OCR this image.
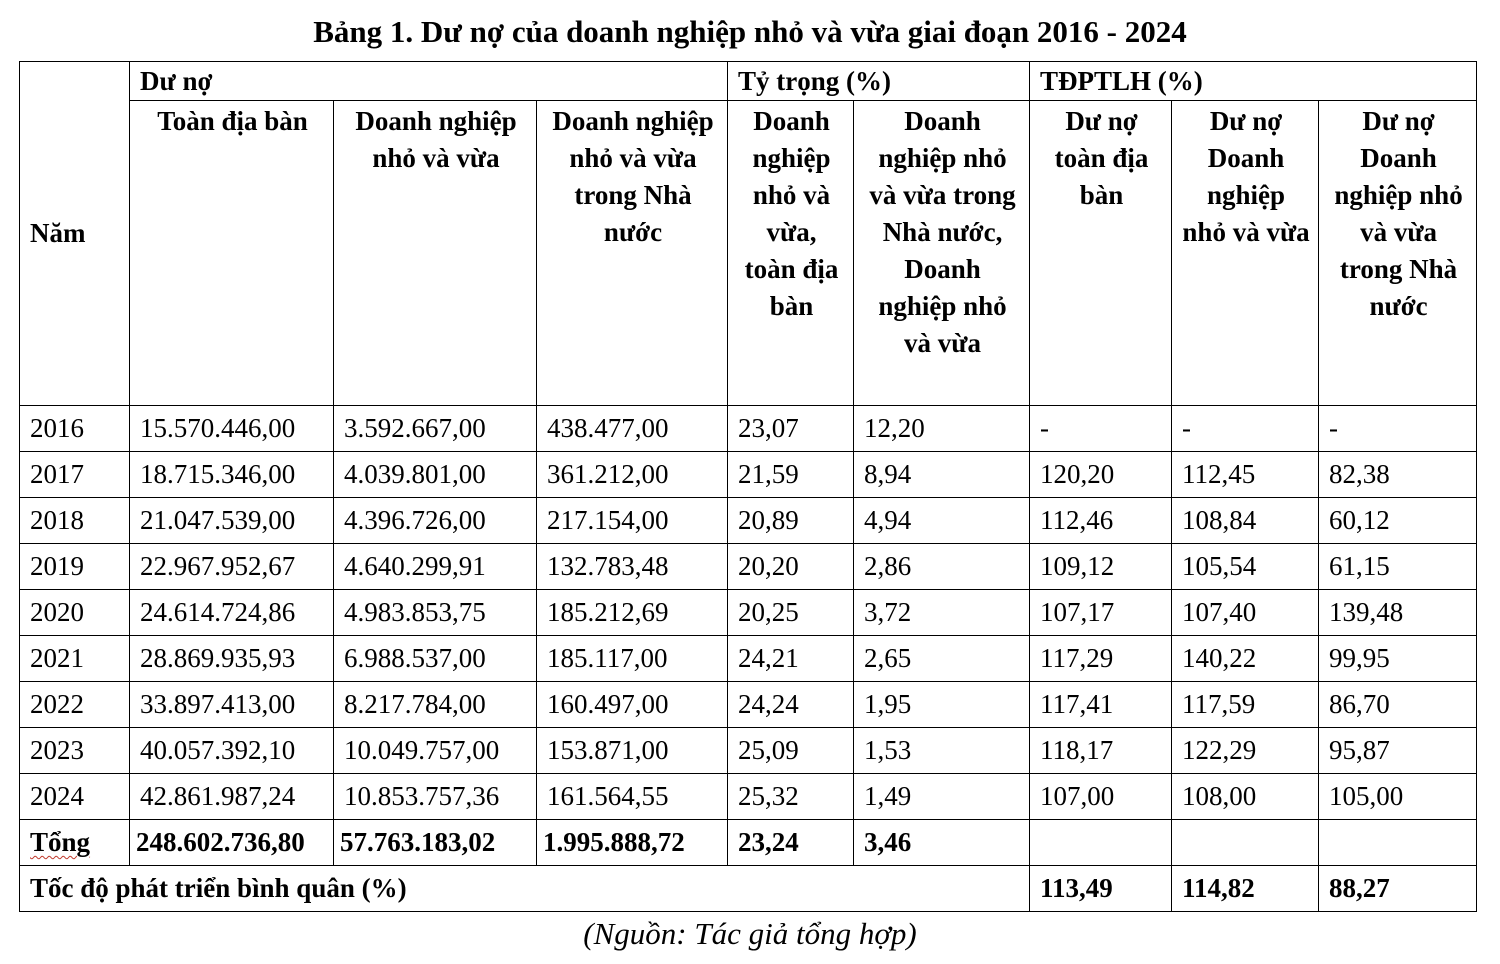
Bảng 1. Dư nợ của doanh nghiệp nhỏ và vừa giai đoạn 2016 - 2024
Năm	Dư nợ			Tỷ trọng (%)		TĐPTLH (%)		
	Toàn địa bàn	Doanh nghiệp nhỏ và vừa	Doanh nghiệp nhỏ và vừa trong Nhà nước	Doanh nghiệp nhỏ và vừa, toàn địa bàn	Doanh nghiệp nhỏ và vừa trong Nhà nước, Doanh nghiệp nhỏ và vừa	Dư nợ toàn địa bàn	Dư nợ Doanh nghiệp nhỏ và vừa	Dư nợ Doanh nghiệp nhỏ và vừa trong Nhà nước
2016	15.570.446,00	3.592.667,00	438.477,00	23,07	12,20	-	-	-
2017	18.715.346,00	4.039.801,00	361.212,00	21,59	8,94	120,20	112,45	82,38
2018	21.047.539,00	4.396.726,00	217.154,00	20,89	4,94	112,46	108,84	60,12
2019	22.967.952,67	4.640.299,91	132.783,48	20,20	2,86	109,12	105,54	61,15
2020	24.614.724,86	4.983.853,75	185.212,69	20,25	3,72	107,17	107,40	139,48
2021	28.869.935,93	6.988.537,00	185.117,00	24,21	2,65	117,29	140,22	99,95
2022	33.897.413,00	8.217.784,00	160.497,00	24,24	1,95	117,41	117,59	86,70
2023	40.057.392,10	10.049.757,00	153.871,00	25,09	1,53	118,17	122,29	95,87
2024	42.861.987,24	10.853.757,36	161.564,55	25,32	1,49	107,00	108,00	105,00
Tổng	248.602.736,80	57.763.183,02	1.995.888,72	23,24	3,46			
Tốc độ phát triển bình quân (%)						113,49	114,82	88,27
(Nguồn: Tác giả tổng hợp)
